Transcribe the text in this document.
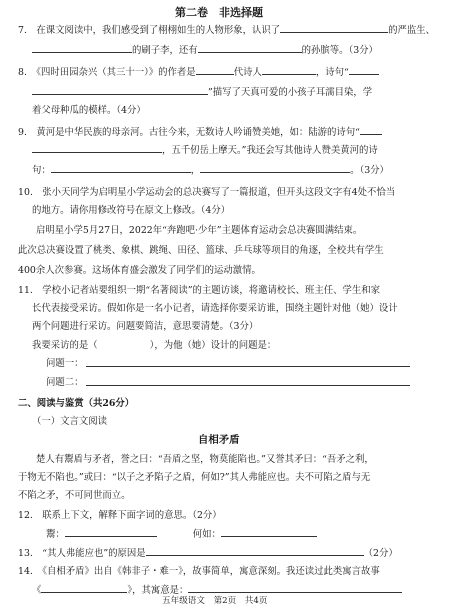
第二卷　非选择题
7.　在课文阅读中，我们感受到了栩栩如生的人物形象，认识了	的严监生、
的刷子李，还有	的孙膑等。（3分）
8.　《四时田园杂兴（其三十一）》的作者是	代诗人	，诗句“
”描写了天真可爱的小孩子耳濡目染，学
着父母种瓜的模样。（4分）
9.　黄河是中华民族的母亲河。古往今来，无数诗人吟诵赞美她，如：陆游的诗句“
，五千仞岳上摩天。”我还会写其他诗人赞美黄河的诗
句：	，	。（3分）
10.　张小天同学为启明星小学运动会的总决赛写了一篇报道，但开头这段文字有4处不恰当
的地方。请你用修改符号在原文上修改。（4分）
启明星小学5月27日，2022年“奔跑吧·少年”主题体育运动会总决赛圆满结束。
此次总决赛设置了桃类、象棋、跳绳、田径、篮球、乒乓球等项目的角逐，全校共有学生
400余人次参赛。这场体育盛会激发了同学们的运动激情。
11.　学校小记者站要组织一期“名著阅读”的主题访谈，将邀请校长、班主任、学生和家
长代表接受采访。假如你是一名小记者，请选择你要采访谁，围绕主题针对他（她）设计
两个问题进行采访。问题要简洁，意思要清楚。（3分）
我要采访的是（	），为他（她）设计的问题是：
问题一：
问题二：
二、阅读与鉴赏（共26分）
（一）文言文阅读
自相矛盾
楚人有鬻盾与矛者，誉之曰：“吾盾之坚，物莫能陷也。”又誉其矛曰：“吾矛之利，
于物无不陷也。”或曰：“以子之矛陷子之盾，何如?”其人弗能应也。夫不可陷之盾与无
不陷之矛，不可同世而立。
12.　联系上下文，解释下面字词的意思。（2分）
鬻：	何如：
13.　“其人弗能应也”的原因是	（2分）
14.　《自相矛盾》出自《韩非子・难一》，故事简单，寓意深刻。我还读过此类寓言故事
《	》，其寓意是：
五年级语文　第2页　共4页
